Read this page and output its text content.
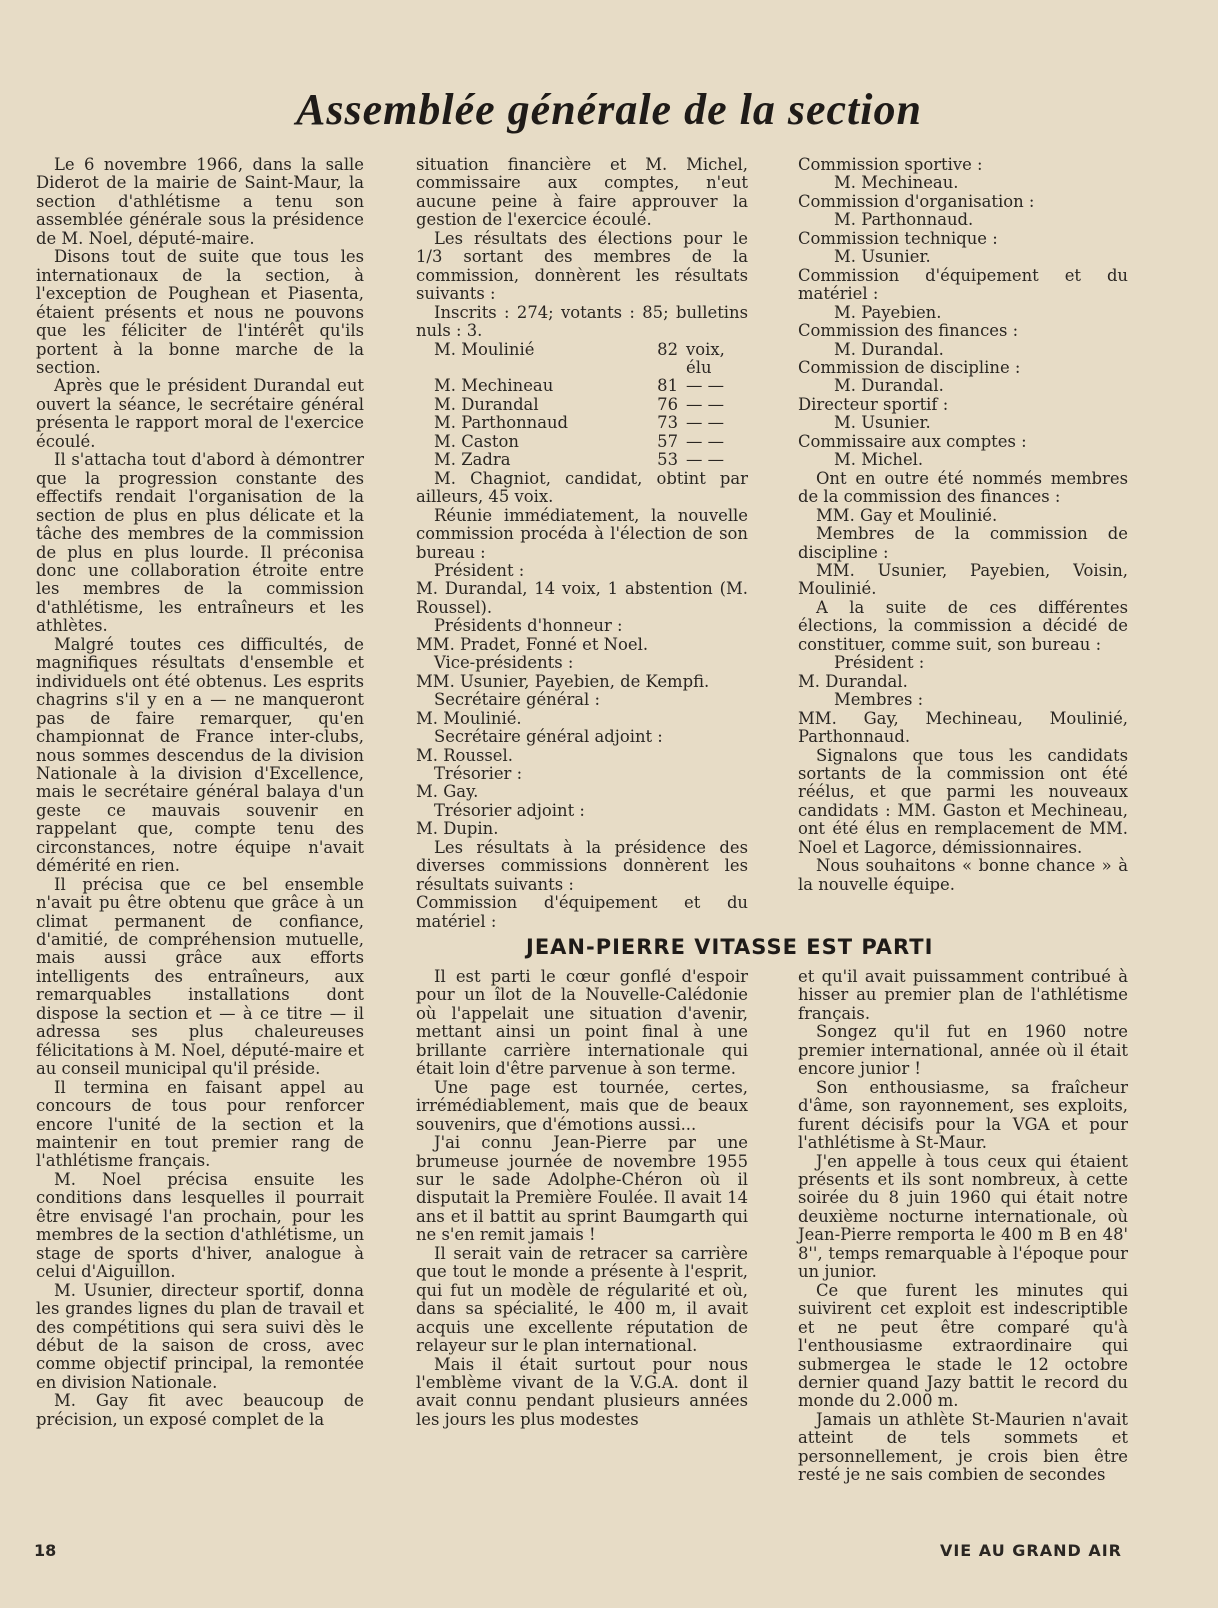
Assemblée générale de la section

Le 6 novembre 1966, dans la salle Diderot de la mairie de Saint-Maur, la section d'athlétisme a tenu son assemblée générale sous la présidence de M. Noel, député-maire.

Disons tout de suite que tous les internationaux de la section, à l'exception de Poughean et Piasenta, étaient présents et nous ne pouvons que les féliciter de l'intérêt qu'ils portent à la bonne marche de la section.

Après que le président Durandal eut ouvert la séance, le secrétaire général présenta le rapport moral de l'exercice écoulé.

Il s'attacha tout d'abord à démontrer que la progression constante des effectifs rendait l'organisation de la section de plus en plus délicate et la tâche des membres de la commission de plus en plus lourde. Il préconisa donc une collaboration étroite entre les membres de la commission d'athlétisme, les entraîneurs et les athlètes.

Malgré toutes ces difficultés, de magnifiques résultats d'ensemble et individuels ont été obtenus. Les esprits chagrins s'il y en a — ne manqueront pas de faire remarquer, qu'en championnat de France inter-clubs, nous sommes descendus de la division Nationale à la division d'Excellence, mais le secrétaire général balaya d'un geste ce mauvais souvenir en rappelant que, compte tenu des circonstances, notre équipe n'avait démérité en rien.

Il précisa que ce bel ensemble n'avait pu être obtenu que grâce à un climat permanent de confiance, d'amitié, de compréhension mutuelle, mais aussi grâce aux efforts intelligents des entraîneurs, aux remarquables installations dont dispose la section et — à ce titre — il adressa ses plus chaleureuses félicitations à M. Noel, député-maire et au conseil municipal qu'il préside.

Il termina en faisant appel au concours de tous pour renforcer encore l'unité de la section et la maintenir en tout premier rang de l'athlétisme français.

M. Noel précisa ensuite les conditions dans lesquelles il pourrait être envisagé l'an prochain, pour les membres de la section d'athlétisme, un stage de sports d'hiver, analogue à celui d'Aiguillon.

M. Usunier, directeur sportif, donna les grandes lignes du plan de travail et des compétitions qui sera suivi dès le début de la saison de cross, avec comme objectif principal, la remontée en division Nationale.

M. Gay fit avec beaucoup de précision, un exposé complet de la

situation financière et M. Michel, commissaire aux comptes, n'eut aucune peine à faire approuver la gestion de l'exercice écoulé.

Les résultats des élections pour le 1/3 sortant des membres de la commission, donnèrent les résultats suivants :

Inscrits : 274; votants : 85; bulletins nuls : 3.

M. Moulinié	82 voix, élu
M. Mechineau	81 — —
M. Durandal	76 — —
M. Parthonnaud	73 — —
M. Caston	57 — —
M. Zadra	53 — —

M. Chagniot, candidat, obtint par ailleurs, 45 voix.

Réunie immédiatement, la nouvelle commission procéda à l'élection de son bureau :

Président :

M. Durandal, 14 voix, 1 abstention (M. Roussel).

Présidents d'honneur :

MM. Pradet, Fonné et Noel.

Vice-présidents :

MM. Usunier, Payebien, de Kempfi.

Secrétaire général :

M. Moulinié.

Secrétaire général adjoint :

M. Roussel.

Trésorier :

M. Gay.

Trésorier adjoint :

M. Dupin.

Les résultats à la présidence des diverses commissions donnèrent les résultats suivants :

Commission d'équipement et du matériel :

Commission sportive :

M. Mechineau.

Commission d'organisation :

M. Parthonnaud.

Commission technique :

M. Usunier.

Commission d'équipement et du matériel :

M. Payebien.

Commission des finances :

M. Durandal.

Commission de discipline :

M. Durandal.

Directeur sportif :

M. Usunier.

Commissaire aux comptes :

M. Michel.

Ont en outre été nommés membres de la commission des finances :

MM. Gay et Moulinié.

Membres de la commission de discipline :

MM. Usunier, Payebien, Voisin, Moulinié.

A la suite de ces différentes élections, la commission a décidé de constituer, comme suit, son bureau :

Président :

M. Durandal.

Membres :

MM. Gay, Mechineau, Moulinié, Parthonnaud.

Signalons que tous les candidats sortants de la commission ont été réélus, et que parmi les nouveaux candidats : MM. Gaston et Mechineau, ont été élus en remplacement de MM. Noel et Lagorce, démissionnaires.

Nous souhaitons « bonne chance » à la nouvelle équipe.

JEAN-PIERRE VITASSE EST PARTI

Il est parti le cœur gonflé d'espoir pour un îlot de la Nouvelle-Calédonie où l'appelait une situation d'avenir, mettant ainsi un point final à une brillante carrière internationale qui était loin d'être parvenue à son terme.

Une page est tournée, certes, irrémédiablement, mais que de beaux souvenirs, que d'émotions aussi...

J'ai connu Jean-Pierre par une brumeuse journée de novembre 1955 sur le sade Adolphe-Chéron où il disputait la Première Foulée. Il avait 14 ans et il battit au sprint Baumgarth qui ne s'en remit jamais !

Il serait vain de retracer sa carrière que tout le monde a présente à l'esprit, qui fut un modèle de régularité et où, dans sa spécialité, le 400 m, il avait acquis une excellente réputation de relayeur sur le plan international.

Mais il était surtout pour nous l'emblème vivant de la V.G.A. dont il avait connu pendant plusieurs années les jours les plus modestes

et qu'il avait puissamment contribué à hisser au premier plan de l'athlétisme français.

Songez qu'il fut en 1960 notre premier international, année où il était encore junior !

Son enthousiasme, sa fraîcheur d'âme, son rayonnement, ses exploits, furent décisifs pour la VGA et pour l'athlétisme à St-Maur.

J'en appelle à tous ceux qui étaient présents et ils sont nombreux, à cette soirée du 8 juin 1960 qui était notre deuxième nocturne internationale, où Jean-Pierre remporta le 400 m B en 48' 8'', temps remarquable à l'époque pour un junior.

Ce que furent les minutes qui suivirent cet exploit est indescriptible et ne peut être comparé qu'à l'enthousiasme extraordinaire qui submergea le stade le 12 octobre dernier quand Jazy battit le record du monde du 2.000 m.

Jamais un athlète St-Maurien n'avait atteint de tels sommets et personnellement, je crois bien être resté je ne sais combien de secondes

18	VIE AU GRAND AIR
